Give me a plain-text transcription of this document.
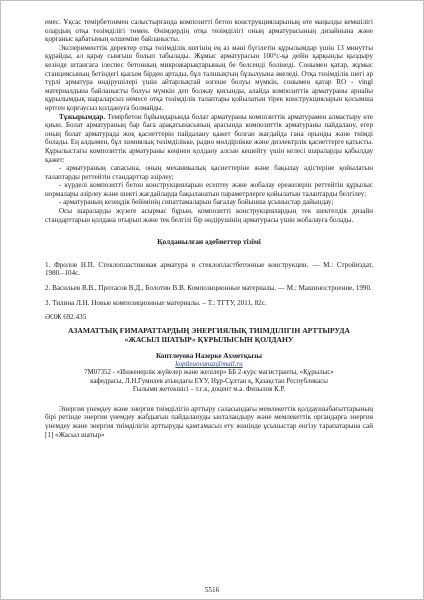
емес. Ұқсас темірбетонмен салыстырғанда композитті бетон конструкцияларының өте маңызды кемшілігі олардың отқа төзімділігі төмен. Өнімдердің отқа төзімділігі оның арматурасының дизайнына және қорғаныс қабатының өлшеміне байланысты.

Эксперименттік деректер отқа төзімділік шегінің ең аз мәні бүгілетін құрылымдар үшін 13 минутты құрайды, ал қарау сынғыш болып табылады. Жұмыс арматурасын 100°с-қа дейін қарқынды қыздыру кезінде штангаға ілеспес бетонның микрожарықтарының бе белсенді болінеді. Сонымен қатар, жұмыс станциясының бетіндегі қысым бірден артады, бұл талшықтың бұзылуына әкеледі. Отқа төзімділік шегі әр түрлі арматура өндірушілері үшін айтарлықтай өзгеше болуы мүмкін, сонымен қатар RO - vingl материалдына байланысты болуы мүмкін деп болжау қисынды, алайда композиттік арматураны арнайы құрылымдық шараларсыз немесе отқа төзімділік талаптары қойылатын тірек конструкцияларын қосымша өртген қорғаусыз қолдануға болмайды.

Тұжырымдар. Темірбетон бұйымдарында болат арматураны композиттік арматурамен алмастыру өте қиын. Болат арматураның бар баға арақатынасының арасында композиттік арматураны пайдалану, егер оның болат арматурада жоқ қасиеттерін пайдалану қажет болған жағдайда ғана орынды және тиімді болады. Ең алдымен, бұл химиялық төзімділікке, радио мөлдірлікке және диэлектрлік қасиеттерге қатысты. Құрылыстағы композиттік арматураны кеңінен қолдану алсын кешейту үшін келесі шараларды қабылдау қажет:

- арматураның сапасына, оның механикалық қасиеттеріне және бақылау әдістеріне қойылатын талаптарды реттейтін стандарттар әзірлеу;

- күрделі композитті бетон конструкцияларын есептеу және жобалау ережелерін реттейтін құрылыс нормалары әзірлеу және шекті жағдайларда бақыланатын параметрлерге қойылатын талаптарды белгілеу;

- арматураның кезеңдік бейімінің сипаттамаларын бағалау бойынша ұсыныстар дайындау;

Осы шараларды жүзеге асырмас бұрын, композитті конструкциялардың тек шектелдік дизайн стандарттарын қолдана отырып және тек белгілі бір өндірушінің арматурасы үшін жобалауға болады.

Қолданылған әдебиеттер тізімі

1. Фролов Н.П. Стеклопластиковая арматура и стеклопластбетонные конструкции. — М.: Стройиздат, 1980.–104с.

2. Васильев В.В., Протасов В.Д., Болотин В.В. Композиционные материалы. — М.: Машиностроение, 1990.

3. Тилина Л.Н. Новые композиционные материалы. – Т.: ТГТУ, 2011, 82с.

ӘОЖ 692.435

АЗАМАТТЫҚ ҒИМАРАТТАРДЫҢ ЭНЕРГИЯЛЫҚ ТИІМДІЛІГІН АРТТЫРУДА

«ЖАСЫЛ ШАТЫР» ҚҰРЫЛЫСЫН ҚОЛДАНУ

Коптлеуова Назерке Ахметқызы

koptleuovanaz@mail.ru

7М07352 - «Инженерлік жүйелер және желілер» ББ 2-курс магистранты, «Құрылыс»

кафедрасы, Л.Н.Гумилев атындағы ЕҰУ, Нұр-Сұлтан қ, Қазақстан Республикасы

Ғылыми жетекшісі – т.ғ.к, доцент м.а. Физылов К.Р.

Энергия үнемдеу және энергия тиімділігін арттыру саласындағы мемлекеттік қолдаушыбағыттарының бірі ретінде энергия үнемдеу жабдығын пайдалануды ынталандыру және мемлекеттік органдарға энергия үнемдеу және энергия тиімділігін арттыруды қамтамасыз ету жөнінде ұсыныстар енгізу тарапатарына сай [1] «Жасыл шатыр»

5516
